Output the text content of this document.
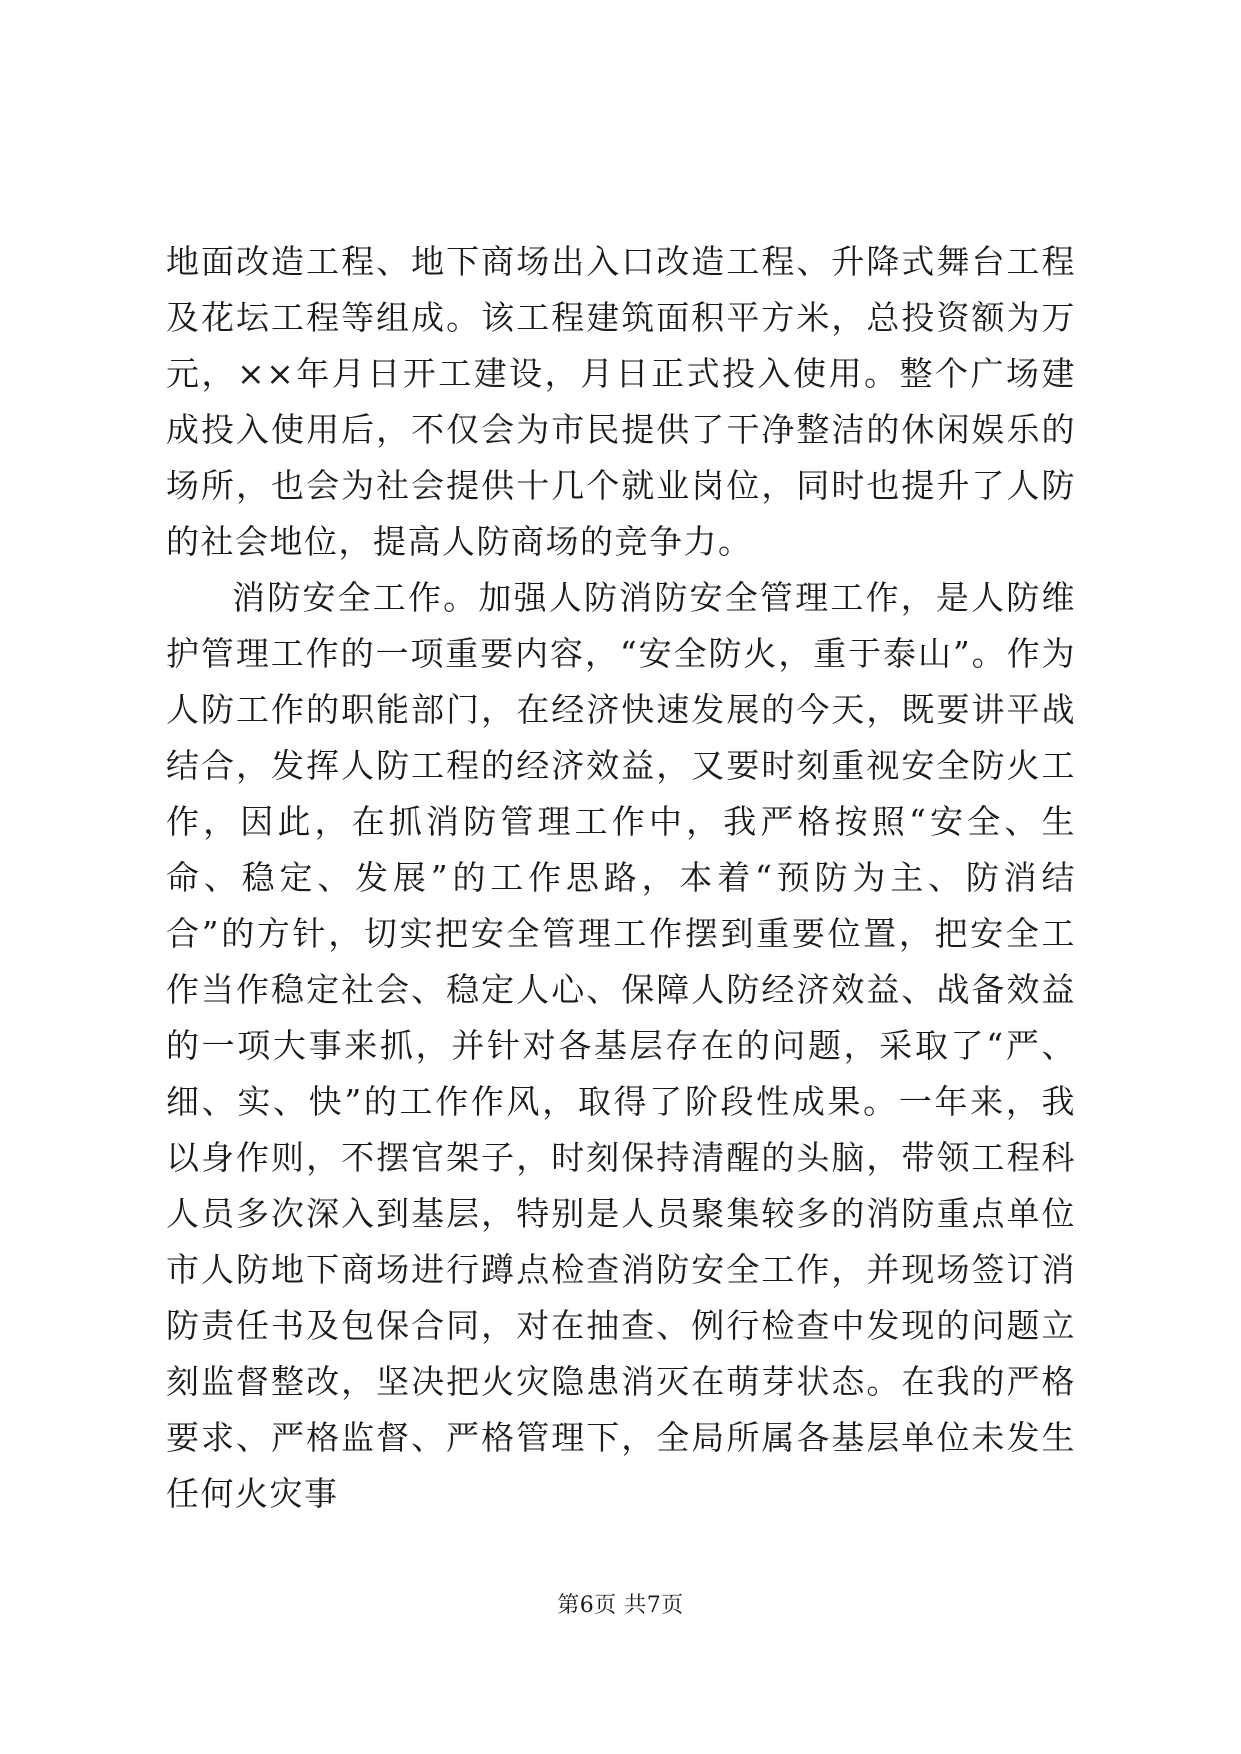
地面改造工程、地下商场出入口改造工程、升降式舞台工程及花坛工程等组成。该工程建筑面积平方米，总投资额为万元，××年月日开工建设，月日正式投入使用。整个广场建成投入使用后，不仅会为市民提供了干净整洁的休闲娱乐的场所，也会为社会提供十几个就业岗位，同时也提升了人防的社会地位，提高人防商场的竞争力。

消防安全工作。加强人防消防安全管理工作，是人防维护管理工作的一项重要内容，“安全防火，重于泰山”。作为人防工作的职能部门，在经济快速发展的今天，既要讲平战结合，发挥人防工程的经济效益，又要时刻重视安全防火工作，因此，在抓消防管理工作中，我严格按照“安全、生命、稳定、发展”的工作思路，本着“预防为主、防消结合”的方针，切实把安全管理工作摆到重要位置，把安全工作当作稳定社会、稳定人心、保障人防经济效益、战备效益的一项大事来抓，并针对各基层存在的问题，采取了“严、细、实、快”的工作作风，取得了阶段性成果。一年来，我以身作则，不摆官架子，时刻保持清醒的头脑，带领工程科人员多次深入到基层，特别是人员聚集较多的消防重点单位市人防地下商场进行蹲点检查消防安全工作，并现场签订消防责任书及包保合同，对在抽查、例行检查中发现的问题立刻监督整改，坚决把火灾隐患消灭在萌芽状态。在我的严格要求、严格监督、严格管理下，全局所属各基层单位未发生任何火灾事

第6页 共7页
